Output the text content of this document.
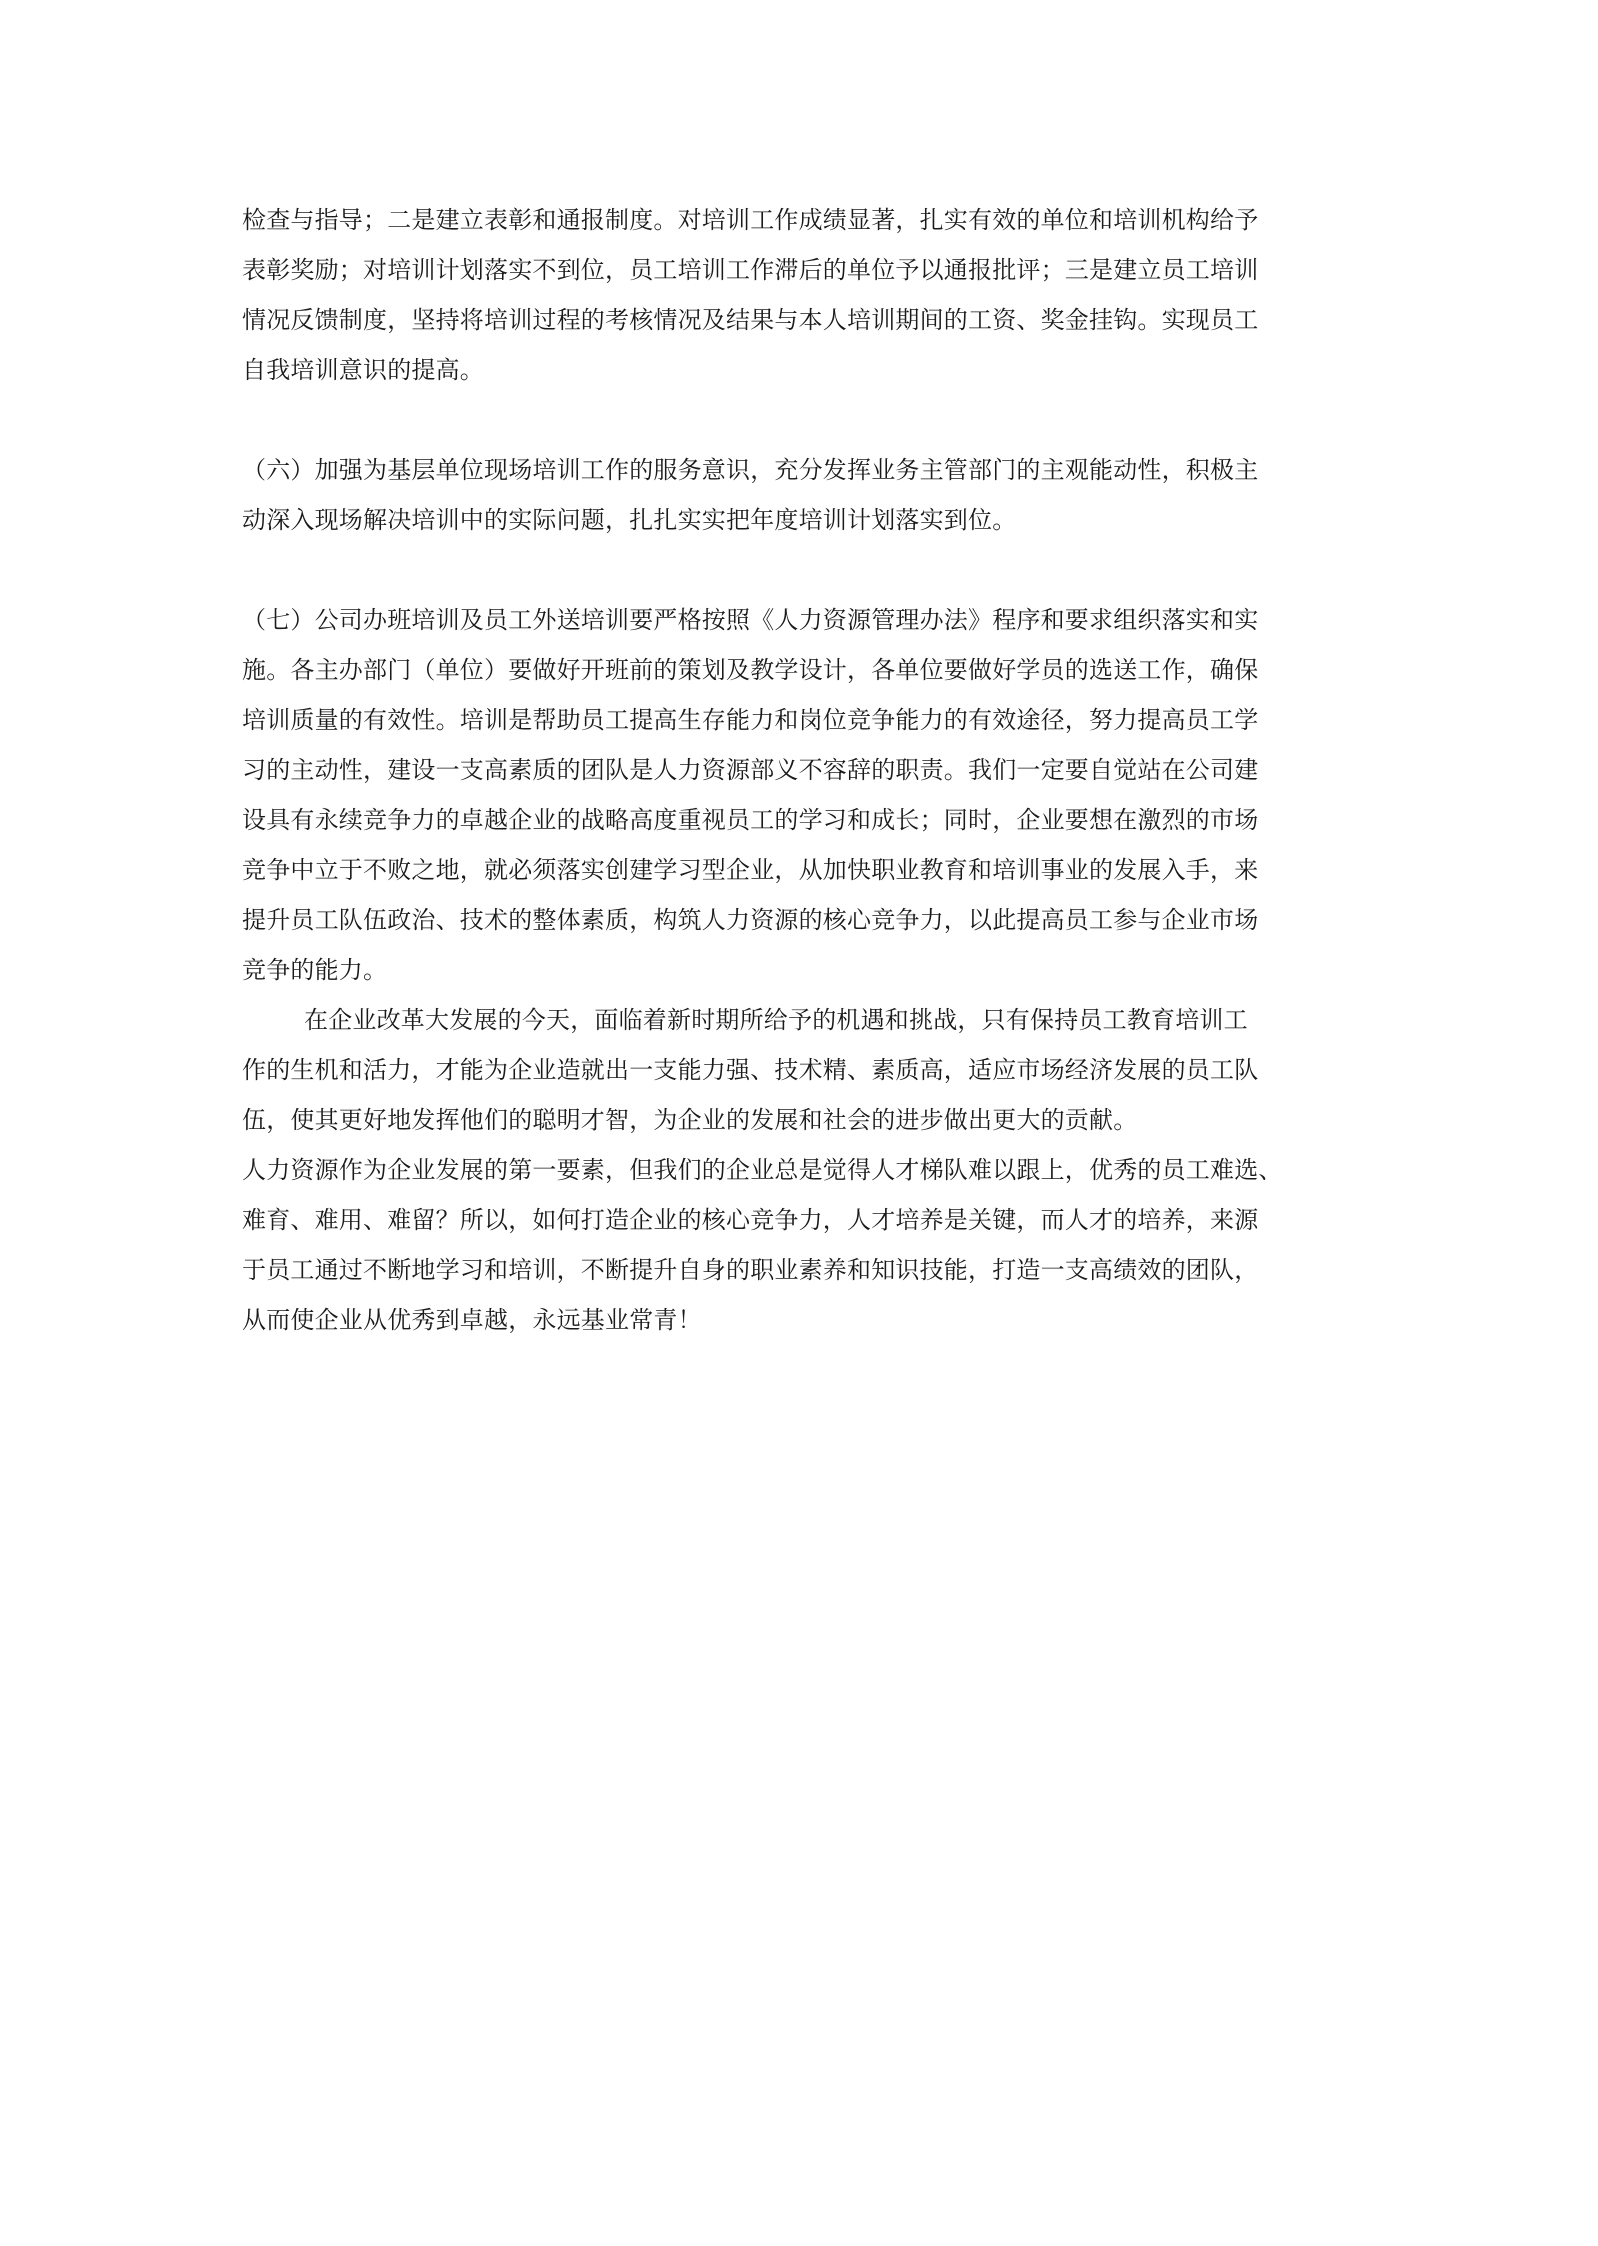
检查与指导；二是建立表彰和通报制度。对培训工作成绩显著，扎实有效的单位和培训机构给予
表彰奖励；对培训计划落实不到位，员工培训工作滞后的单位予以通报批评；三是建立员工培训
情况反馈制度，坚持将培训过程的考核情况及结果与本人培训期间的工资、奖金挂钩。实现员工
自我培训意识的提高。
（六）加强为基层单位现场培训工作的服务意识，充分发挥业务主管部门的主观能动性，积极主
动深入现场解决培训中的实际问题，扎扎实实把年度培训计划落实到位。
（七）公司办班培训及员工外送培训要严格按照《人力资源管理办法》程序和要求组织落实和实
施。各主办部门（单位）要做好开班前的策划及教学设计，各单位要做好学员的选送工作，确保
培训质量的有效性。培训是帮助员工提高生存能力和岗位竞争能力的有效途径，努力提高员工学
习的主动性，建设一支高素质的团队是人力资源部义不容辞的职责。我们一定要自觉站在公司建
设具有永续竞争力的卓越企业的战略高度重视员工的学习和成长；同时，企业要想在激烈的市场
竞争中立于不败之地，就必须落实创建学习型企业，从加快职业教育和培训事业的发展入手，来
提升员工队伍政治、技术的整体素质，构筑人力资源的核心竞争力，以此提高员工参与企业市场
竞争的能力。
在企业改革大发展的今天，面临着新时期所给予的机遇和挑战，只有保持员工教育培训工
作的生机和活力，才能为企业造就出一支能力强、技术精、素质高，适应市场经济发展的员工队
伍，使其更好地发挥他们的聪明才智，为企业的发展和社会的进步做出更大的贡献。
人力资源作为企业发展的第一要素，但我们的企业总是觉得人才梯队难以跟上，优秀的员工难选、
难育、难用、难留？所以，如何打造企业的核心竞争力，人才培养是关键，而人才的培养，来源
于员工通过不断地学习和培训，不断提升自身的职业素养和知识技能，打造一支高绩效的团队，
从而使企业从优秀到卓越，永远基业常青！
